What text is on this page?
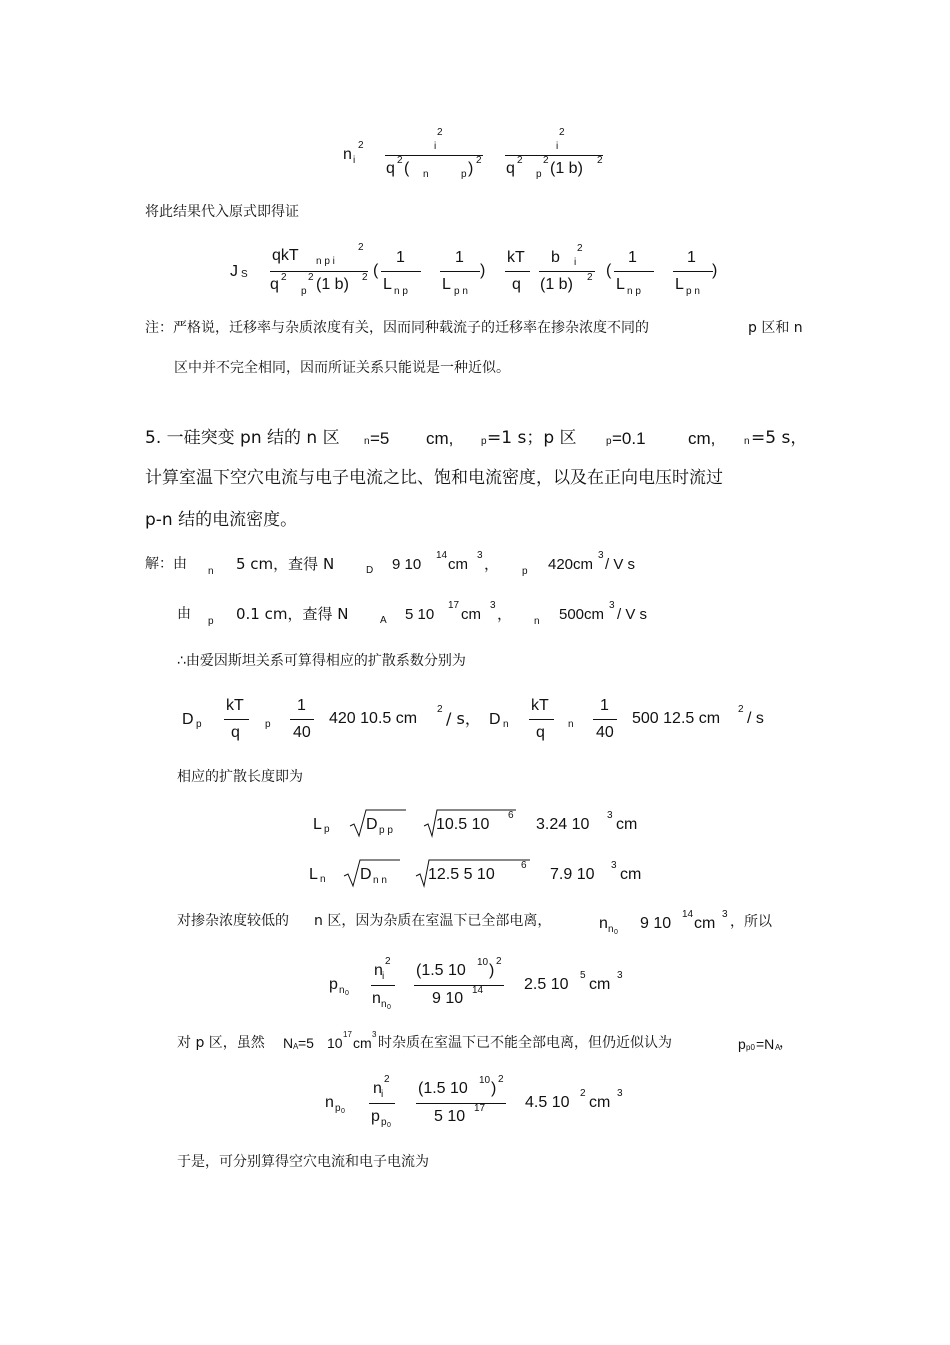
n i
2
2
i
q 2 ( n	p ) 2
2
i
q 2
p
2 (1 b) 2
将此结果代入原式即得证
J S
qkT n p i
2
q 2
p
2 (1 b) 2 (
1
L n p
1
L p n
)
kT
q
b i
2
(1 b) 2 (
1
L n p
1
L p n
)
注：严格说，迁移率与杂质浓度有关，因而同种载流子的迁移率在掺杂浓度不同的	p 区和 n
区中并不完全相同，因而所证关系只能说是一种近似。
5. 一硅突变 pn 结的 n 区 n =5 cm,	p =1 s；p 区	p =0.1 cm,	n =5 s，
计算室温下空穴电流与电子电流之比、饱和电流密度，以及在正向电压时流过
p-n 结的电流密度。
解：由 n 5 cm，查得 N	D 9 10
14
cm
3 ， p 420cm
3
/ V s
由 p 0.1 cm，查得 N	A 5 10
17
cm
3 ， n 500cm
3
/ V s
∴由爱因斯坦关系可算得相应的扩散系数分别为
D p
kT
q	p
1
40
420 10.5 cm
2 / s， D n
kT
q n
1
40
500 12.5 cm
2
/ s
相应的扩散长度即为
L p D p p	10.5 10
6
3.24 10
3
cm
L n D n n	12.5 5 10
6
7.9 10
3
cm
对掺杂浓度较低的 n 区，因为杂质在室温下已全部电离，	n n 0
9 10
14
cm
3 ，所以
p n 0
n i
2
n n 0
(1.5 10 10 )
2
9 10 14	2.5 10
5
cm
3
对 p 区，虽然 N A =5 10
17
cm
3
时杂质在室温下已不能全部电离，但仍近似认为	p p0 =N A
，
n p 0
n i
2
p p 0
(1.5 10 10 )
2
5 10 17 4.5 10
2
cm
3
于是，可分别算得空穴电流和电子电流为
